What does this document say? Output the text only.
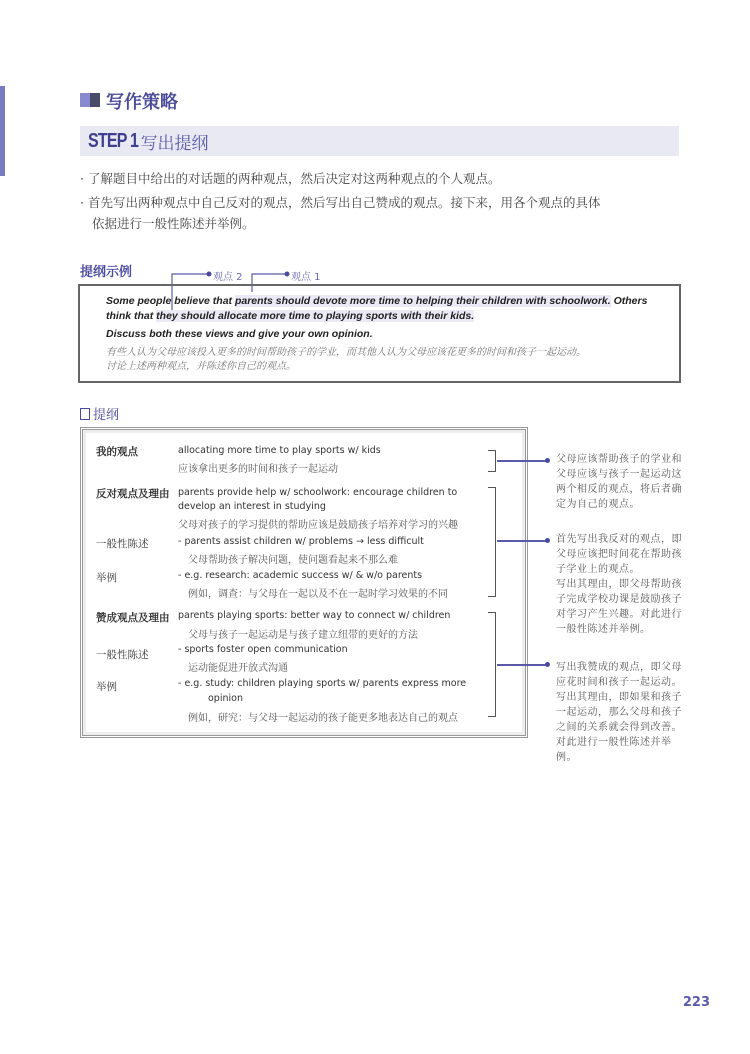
写作策略
STEP 1 写出提纲
· 了解题目中给出的对话题的两种观点，然后决定对这两种观点的个人观点。
· 首先写出两种观点中自己反对的观点，然后写出自己赞成的观点。接下来，用各个观点的具体
依据进行一般性陈述并举例。
提纲示例	观点 2	观点 1
Some people believe that parents should devote more time to helping their children with schoolwork. Others think that they should allocate more time to playing sports with their kids.
Discuss both these views and give your own opinion.
有些人认为父母应该投入更多的时间帮助孩子的学业，而其他人认为父母应该花更多的时间和孩子一起运动。
讨论上述两种观点，并陈述你自己的观点。
提纲
我的观点	allocating more time to play sports w/ kids
应该拿出更多的时间和孩子一起运动
反对观点及理由 parents provide help w/ schoolwork: encourage children to
develop an interest in studying
父母对孩子的学习提供的帮助应该是鼓励孩子培养对学习的兴趣
一般性陈述	- parents assist children w/ problems → less difficult
父母帮助孩子解决问题，使问题看起来不那么难
举例	- e.g. research: academic success w/ & w/o parents
例如，调查：与父母在一起以及不在一起时学习效果的不同
赞成观点及理由 parents playing sports: better way to connect w/ children
父母与孩子一起运动是与孩子建立纽带的更好的方法
一般性陈述	- sports foster open communication
运动能促进开放式沟通
举例	- e.g. study: children playing sports w/ parents express more
opinion
例如，研究：与父母一起运动的孩子能更多地表达自己的观点
父母应该帮助孩子的学业和父母应该与孩子一起运动这两个相反的观点，将后者确定为自己的观点。
首先写出我反对的观点，即父母应该把时间花在帮助孩子学业上的观点。
写出其理由，即父母帮助孩子完成学校功课是鼓励孩子对学习产生兴趣。对此进行一般性陈述并举例。
写出我赞成的观点，即父母应花时间和孩子一起运动。
写出其理由，即如果和孩子一起运动，那么父母和孩子之间的关系就会得到改善。对此进行一般性陈述并举例。
223
